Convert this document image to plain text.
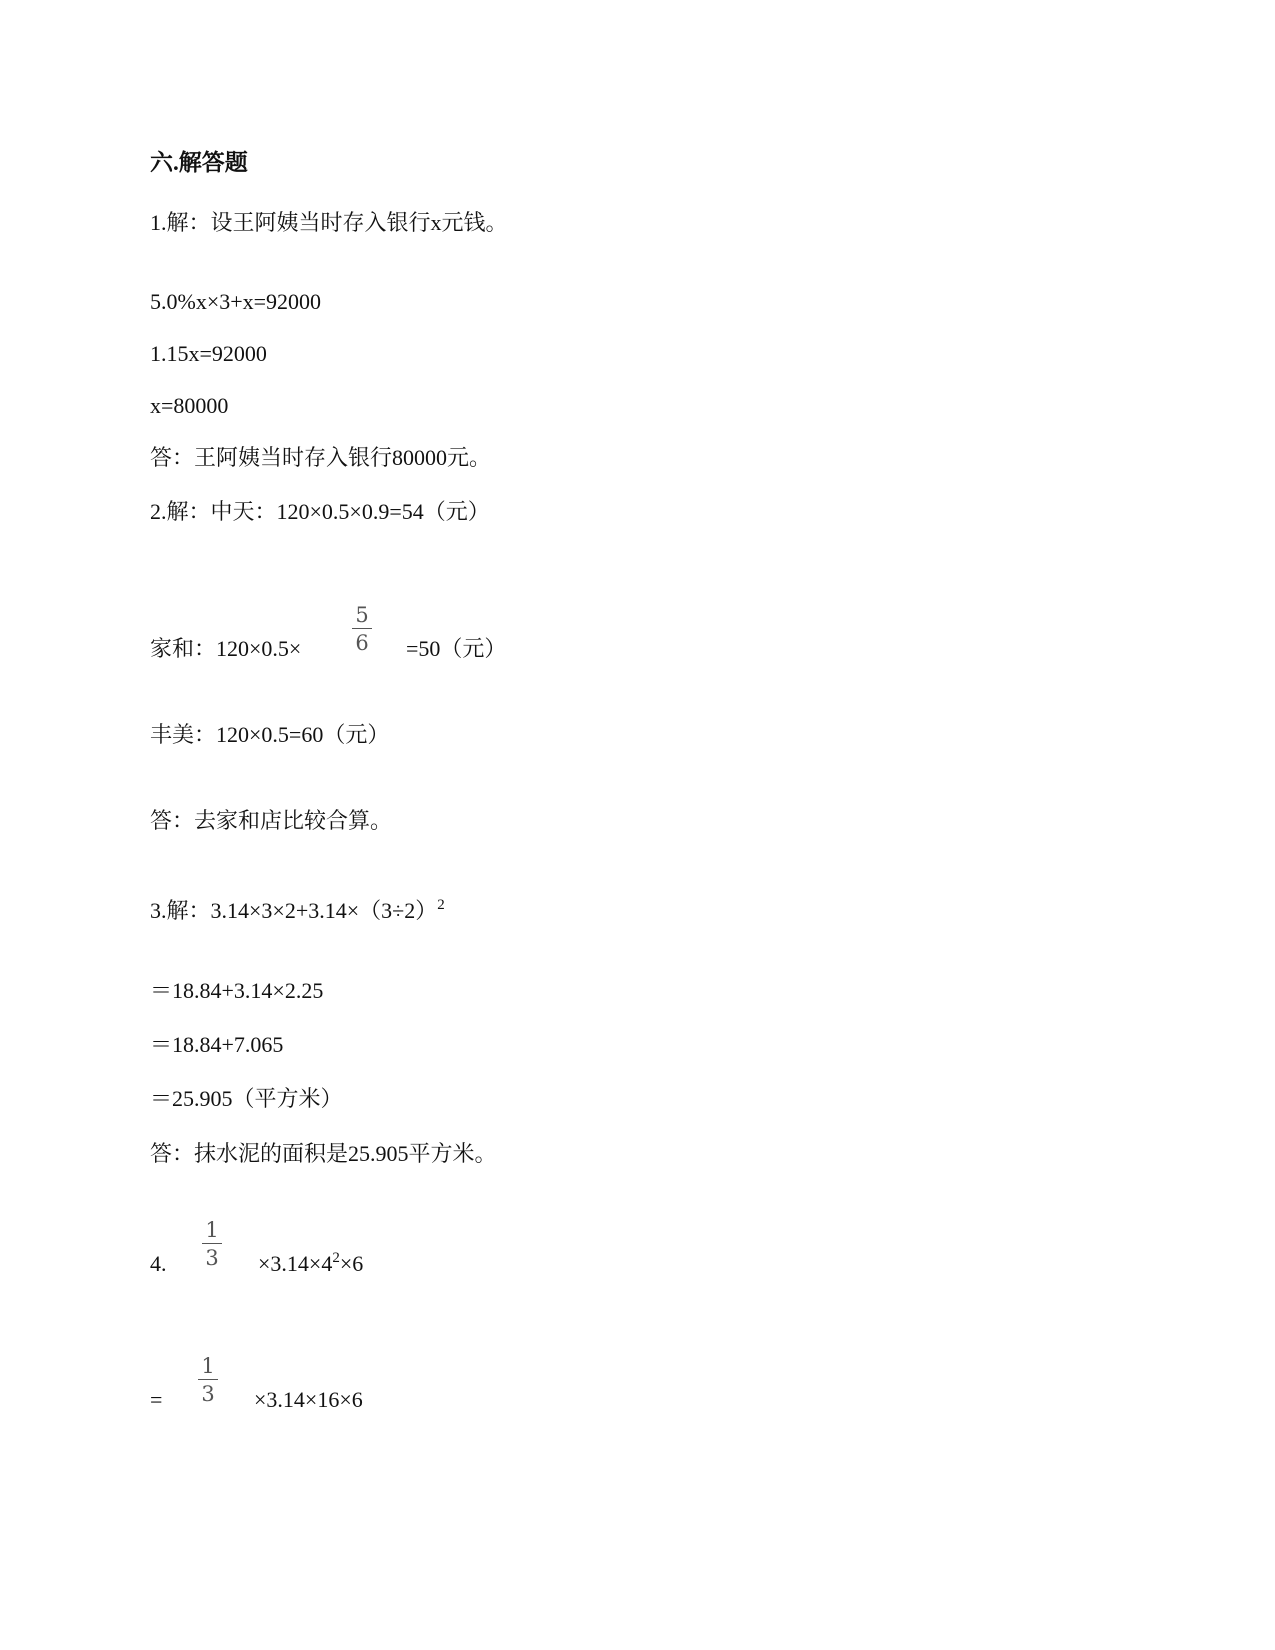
六.解答题
1.解：设王阿姨当时存入银行x元钱。
5.0%x×3+x=92000
1.15x=92000
x=80000
答：王阿姨当时存入银行80000元。
2.解：中天：120×0.5×0.9=54（元）
家和：120×0.5×
5
6 =50（元）
丰美：120×0.5=60（元）
答：去家和店比较合算。
3.解：$3.14\times 3\times 2+3.14\times(3\div 2)^2$
＝18.84+3.14×2.25
＝18.84+7.065
＝25.905（平方米）
答：抹水泥的面积是25.905平方米。
4.
1
$3 \times 3.14\times 4^2\times 6$
=
1
3 ×3.14×16×6
